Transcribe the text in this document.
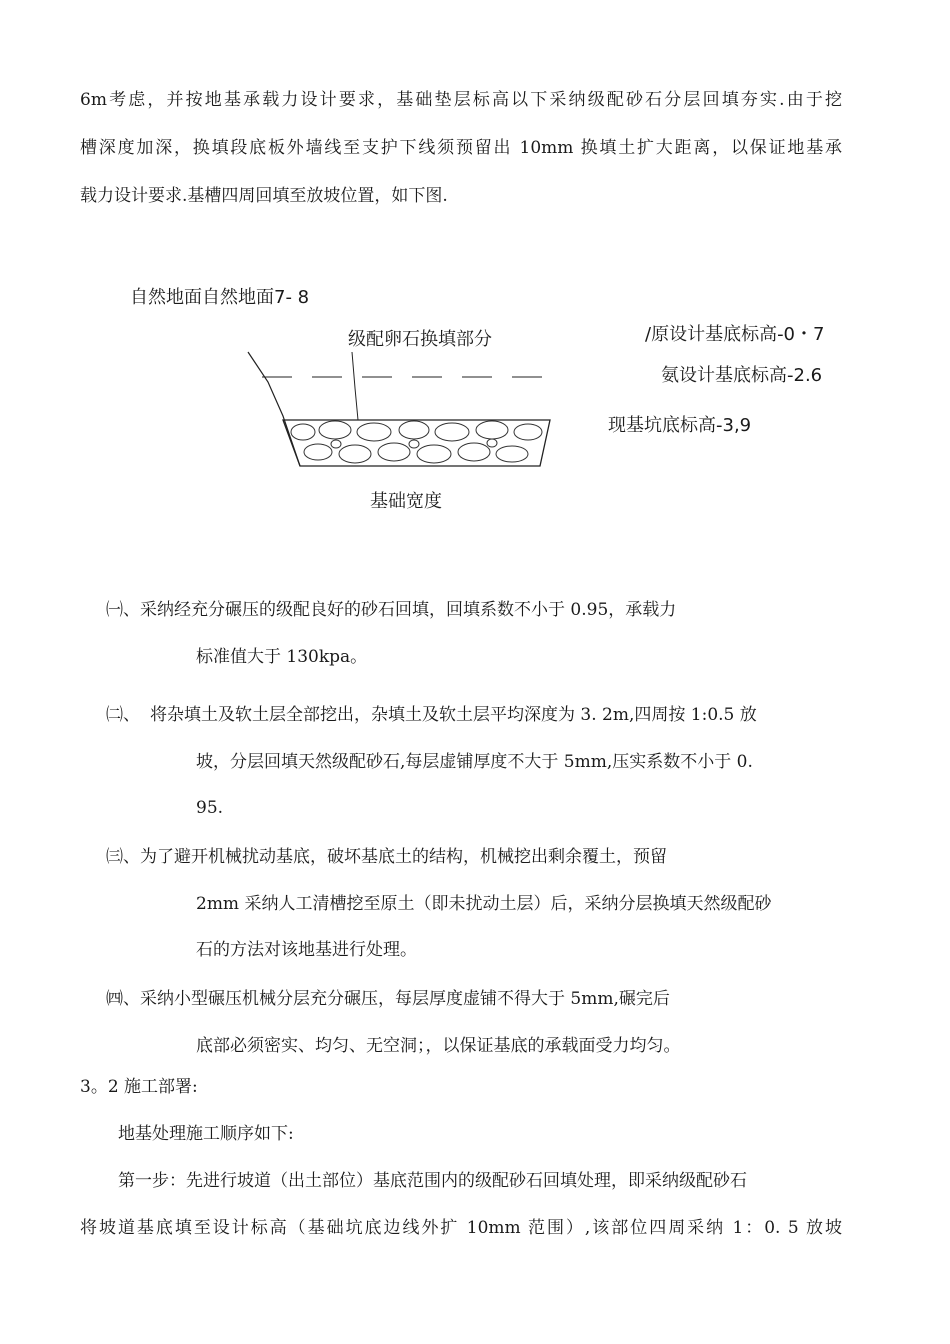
6m考虑，并按地基承载力设计要求，基础垫层标高以下采纳级配砂石分层回填夯实.由于挖
槽深度加深，换填段底板外墙线至支护下线须预留出 10mm 换填土扩大距离，以保证地基承
载力设计要求.基槽四周回填至放坡位置，如下图.
自然地面自然地面7- 8
级配卵石换填部分	/原设计基底标高-0・7
氨设计基底标高-2.6
现基坑底标高-3,9
基础宽度
㈠、 采纳经充分碾压的级配良好的砂石回填，回填系数不小于 0.95，承载力
标准值大于 130kpa。
㈡、 将杂填土及软土层全部挖出，杂填土及软土层平均深度为 3. 2m,四周按 1:0.5 放
坡，分层回填天然级配砂石,每层虚铺厚度不大于 5mm,压实系数不小于 0.
95.
㈢、 为了避开机械扰动基底，破坏基底土的结构，机械挖出剩余覆土，预留
2mm 采纳人工清槽挖至原土（即未扰动土层）后，采纳分层换填天然级配砂
石的方法对该地基进行处理。
㈣、 采纳小型碾压机械分层充分碾压，每层厚度虚铺不得大于 5mm,碾完后
底部必须密实、均匀、无空洞；，以保证基底的承载面受力均匀。
3。2 施工部署:
地基处理施工顺序如下:
第一步：先进行坡道（出土部位）基底范围内的级配砂石回填处理，即采纳级配砂石
将坡道基底填至设计标高（基础坑底边线外扩 10mm 范围）,该部位四周采纳 1：0. 5 放坡
